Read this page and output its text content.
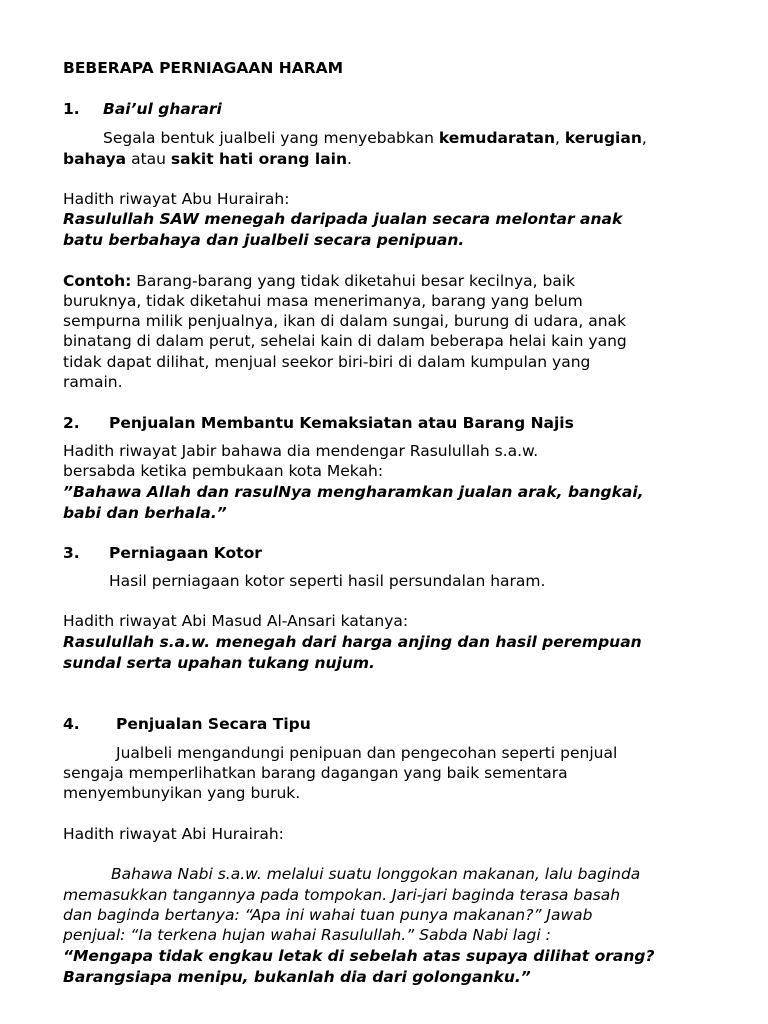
BEBERAPA PERNIAGAAN HARAM
1. Bai’ul gharari
Segala bentuk jualbeli yang menyebabkan kemudaratan, kerugian,
bahaya atau sakit hati orang lain.
Hadith riwayat Abu Hurairah:
Rasulullah SAW menegah daripada jualan secara melontar anak
batu berbahaya dan jualbeli secara penipuan.
Contoh: Barang-barang yang tidak diketahui besar kecilnya, baik
buruknya, tidak diketahui masa menerimanya, barang yang belum
sempurna milik penjualnya, ikan di dalam sungai, burung di udara, anak
binatang di dalam perut, sehelai kain di dalam beberapa helai kain yang
tidak dapat dilihat, menjual seekor biri-biri di dalam kumpulan yang
ramain.
2. Penjualan Membantu Kemaksiatan atau Barang Najis
Hadith riwayat Jabir bahawa dia mendengar Rasulullah s.a.w.
bersabda ketika pembukaan kota Mekah:
”Bahawa Allah dan rasulNya mengharamkan jualan arak, bangkai,
babi dan berhala.”
3. Perniagaan Kotor
Hasil perniagaan kotor seperti hasil persundalan haram.
Hadith riwayat Abi Masud Al-Ansari katanya:
Rasulullah s.a.w. menegah dari harga anjing dan hasil perempuan
sundal serta upahan tukang nujum.
4. Penjualan Secara Tipu
Jualbeli mengandungi penipuan dan pengecohan seperti penjual
sengaja memperlihatkan barang dagangan yang baik sementara
menyembunyikan yang buruk.
Hadith riwayat Abi Hurairah:
Bahawa Nabi s.a.w. melalui suatu longgokan makanan, lalu baginda
memasukkan tangannya pada tompokan. Jari-jari baginda terasa basah
dan baginda bertanya: “Apa ini wahai tuan punya makanan?” Jawab
penjual: “Ia terkena hujan wahai Rasulullah.” Sabda Nabi lagi :
“Mengapa tidak engkau letak di sebelah atas supaya dilihat orang?
Barangsiapa menipu, bukanlah dia dari golonganku.”
